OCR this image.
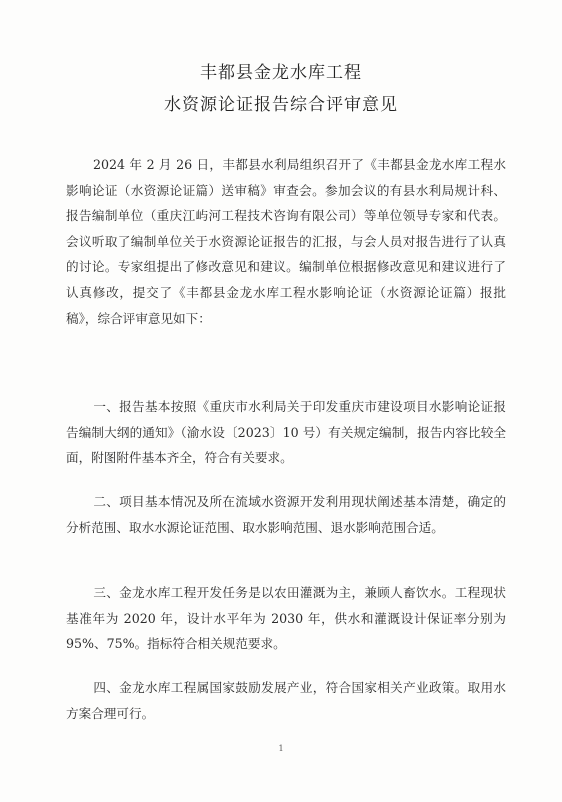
丰都县金龙水库工程
水资源论证报告综合评审意见
2024 年 2 月 26 日，丰都县水利局组织召开了《丰都县金龙水库工程水影响论证（水资源论证篇）送审稿》审查会。参加会议的有县水利局规计科、报告编制单位（重庆江屿河工程技术咨询有限公司）等单位领导专家和代表。会议听取了编制单位关于水资源论证报告的汇报，与会人员对报告进行了认真的讨论。专家组提出了修改意见和建议。编制单位根据修改意见和建议进行了认真修改，提交了《丰都县金龙水库工程水影响论证（水资源论证篇）报批稿》，综合评审意见如下：
一、报告基本按照《重庆市水利局关于印发重庆市建设项目水影响论证报告编制大纲的通知》（渝水设〔2023〕10 号）有关规定编制，报告内容比较全面，附图附件基本齐全，符合有关要求。
二、项目基本情况及所在流域水资源开发利用现状阐述基本清楚，确定的分析范围、取水水源论证范围、取水影响范围、退水影响范围合适。
三、金龙水库工程开发任务是以农田灌溉为主，兼顾人畜饮水。工程现状基准年为 2020 年，设计水平年为 2030 年，供水和灌溉设计保证率分别为 95%、75%。指标符合相关规范要求。
四、金龙水库工程属国家鼓励发展产业，符合国家相关产业政策。取用水方案合理可行。
1
